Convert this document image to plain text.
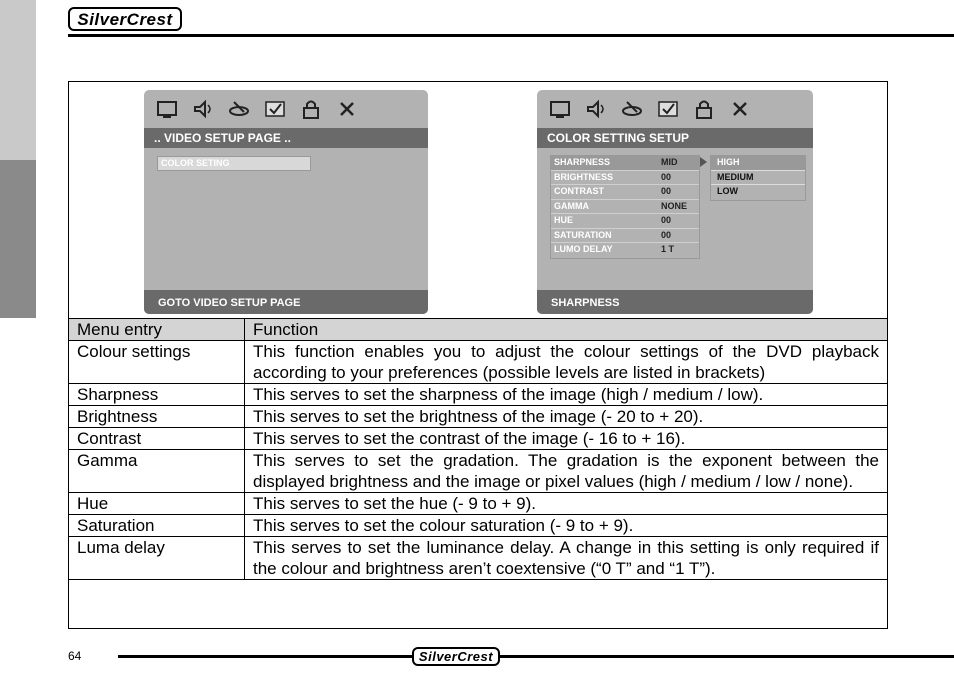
SilverCrest
.. VIDEO SETUP PAGE ..
COLOR SETING
GOTO VIDEO SETUP PAGE
COLOR SETTING SETUP
SHARPNESS	MID
BRIGHTNESS	00
CONTRAST	00
GAMMA	NONE
HUE	00
SATURATION	00
LUMO DELAY	1 T
HIGH
MEDIUM
LOW
SHARPNESS
Menu entry	Function
Colour settings	This function enables you to adjust the colour settings of the DVD playback according to your preferences (possible levels are listed in brackets)
Sharpness	This serves to set the sharpness of the image (high / medium / low).
Brightness	This serves to set the brightness of the image (- 20 to + 20).
Contrast	This serves to set the contrast of the image (- 16 to + 16).
Gamma	This serves to set the gradation. The gradation is the exponent between the displayed brightness and the image or pixel values (high / medium / low / none).
Hue	This serves to set the hue (- 9 to + 9).
Saturation	This serves to set the colour saturation (- 9 to + 9).
Luma delay	This serves to set the luminance delay. A change in this setting is only required if the colour and brightness aren’t coextensive (“0 T” and “1 T”).
64	SilverCrest
